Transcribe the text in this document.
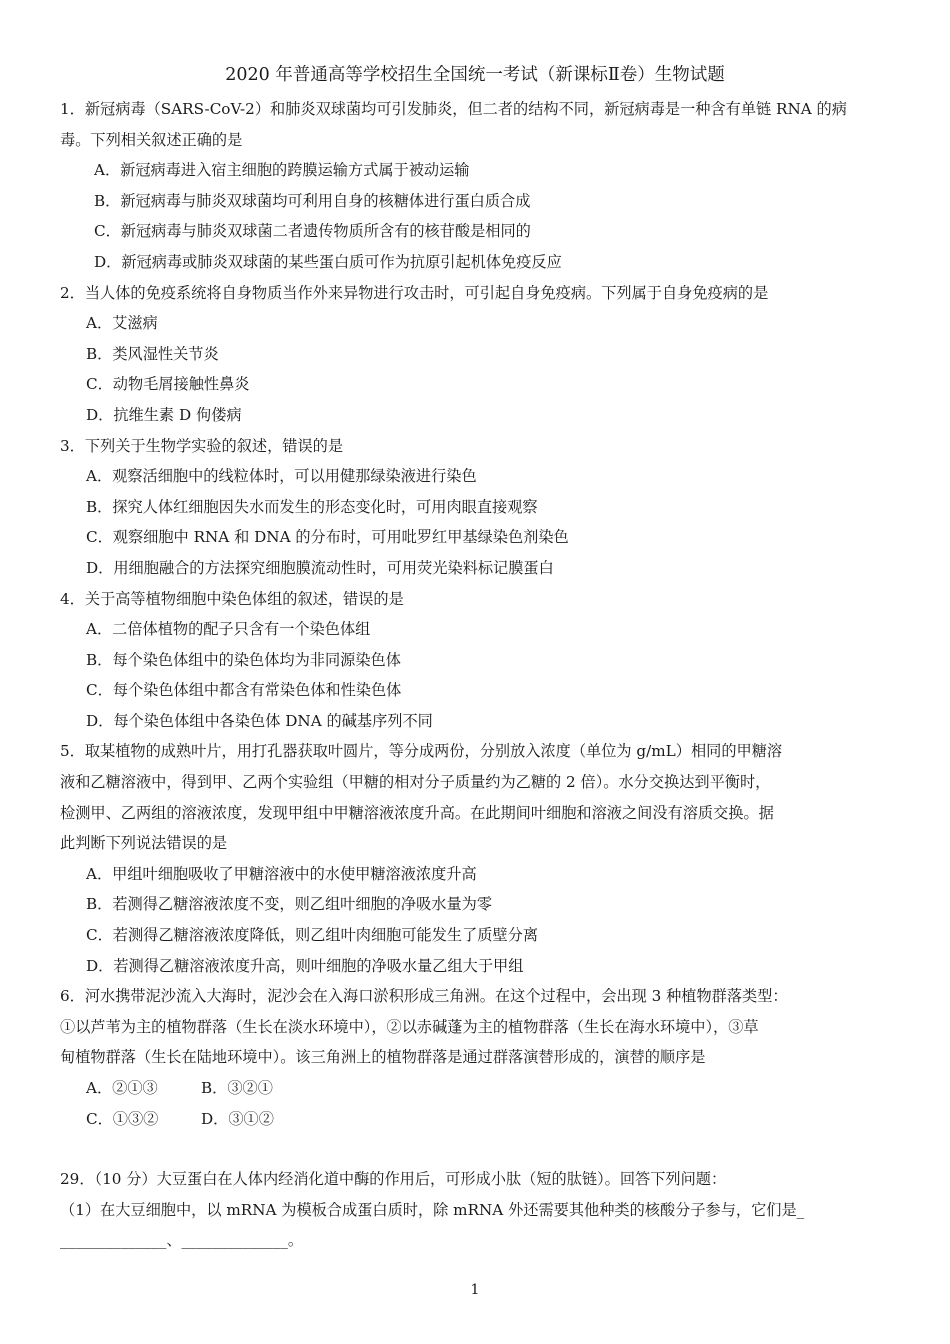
2020 年普通高等学校招生全国统一考试（新课标Ⅱ卷）生物试题
1．新冠病毒（SARS-CoV-2）和肺炎双球菌均可引发肺炎，但二者的结构不同，新冠病毒是一种含有单链 RNA 的病
毒。下列相关叙述正确的是
A．新冠病毒进入宿主细胞的跨膜运输方式属于被动运输
B．新冠病毒与肺炎双球菌均可利用自身的核糖体进行蛋白质合成
C．新冠病毒与肺炎双球菌二者遗传物质所含有的核苷酸是相同的
D．新冠病毒或肺炎双球菌的某些蛋白质可作为抗原引起机体免疫反应
2．当人体的免疫系统将自身物质当作外来异物进行攻击时，可引起自身免疫病。下列属于自身免疫病的是
A．艾滋病
B．类风湿性关节炎
C．动物毛屑接触性鼻炎
D．抗维生素 D 佝偻病
3．下列关于生物学实验的叙述，错误的是
A．观察活细胞中的线粒体时，可以用健那绿染液进行染色
B．探究人体红细胞因失水而发生的形态变化时，可用肉眼直接观察
C．观察细胞中 RNA 和 DNA 的分布时，可用吡罗红甲基绿染色剂染色
D．用细胞融合的方法探究细胞膜流动性时，可用荧光染料标记膜蛋白
4．关于高等植物细胞中染色体组的叙述，错误的是
A．二倍体植物的配子只含有一个染色体组
B．每个染色体组中的染色体均为非同源染色体
C．每个染色体组中都含有常染色体和性染色体
D．每个染色体组中各染色体 DNA 的碱基序列不同
5．取某植物的成熟叶片，用打孔器获取叶圆片，等分成两份，分别放入浓度（单位为 g/mL）相同的甲糖溶
液和乙糖溶液中，得到甲、乙两个实验组（甲糖的相对分子质量约为乙糖的 2 倍）。水分交换达到平衡时，
检测甲、乙两组的溶液浓度，发现甲组中甲糖溶液浓度升高。在此期间叶细胞和溶液之间没有溶质交换。据
此判断下列说法错误的是
A．甲组叶细胞吸收了甲糖溶液中的水使甲糖溶液浓度升高
B．若测得乙糖溶液浓度不变，则乙组叶细胞的净吸水量为零
C．若测得乙糖溶液浓度降低，则乙组叶肉细胞可能发生了质壁分离
D．若测得乙糖溶液浓度升高，则叶细胞的净吸水量乙组大于甲组
6．河水携带泥沙流入大海时，泥沙会在入海口淤积形成三角洲。在这个过程中，会出现 3 种植物群落类型：
①以芦苇为主的植物群落（生长在淡水环境中），②以赤碱蓬为主的植物群落（生长在海水环境中），③草
甸植物群落（生长在陆地环境中）。该三角洲上的植物群落是通过群落演替形成的，演替的顺序是
A．②①③	B．③②①
C．①③②	D．③①②
29．（10 分）大豆蛋白在人体内经消化道中酶的作用后，可形成小肽（短的肽链）。回答下列问题：
（1）在大豆细胞中，以 mRNA 为模板合成蛋白质时，除 mRNA 外还需要其他种类的核酸分子参与，它们是_
______________、______________。
1
